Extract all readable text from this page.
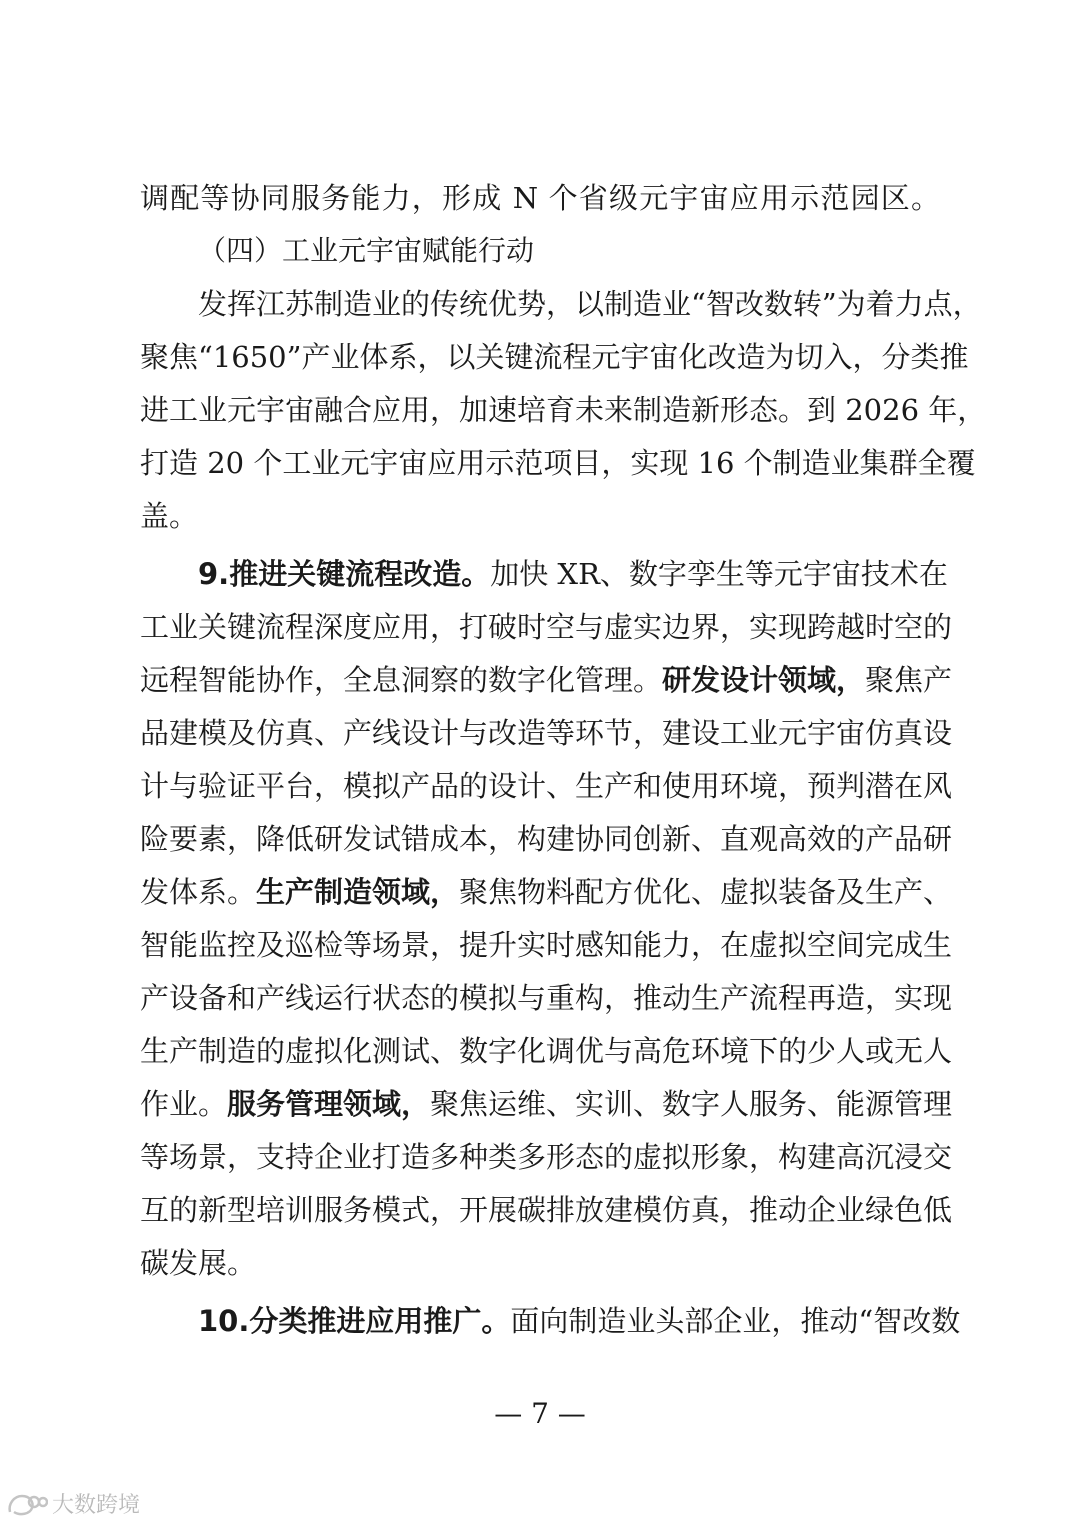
调配等协同服务能力，形成 N 个省级元宇宙应用示范园区。
（四）工业元宇宙赋能行动
发挥江苏制造业的传统优势，以制造业“智改数转”为着力点，
聚焦“1650”产业体系，以关键流程元宇宙化改造为切入，分类推
进工业元宇宙融合应用，加速培育未来制造新形态。到 2026 年，
打造 20 个工业元宇宙应用示范项目，实现 16 个制造业集群全覆
盖。
9.推进关键流程改造。加快 XR、数字孪生等元宇宙技术在
工业关键流程深度应用，打破时空与虚实边界，实现跨越时空的
远程智能协作，全息洞察的数字化管理。研发设计领域，聚焦产
品建模及仿真、产线设计与改造等环节，建设工业元宇宙仿真设
计与验证平台，模拟产品的设计、生产和使用环境，预判潜在风
险要素，降低研发试错成本，构建协同创新、直观高效的产品研
发体系。生产制造领域，聚焦物料配方优化、虚拟装备及生产、
智能监控及巡检等场景，提升实时感知能力，在虚拟空间完成生
产设备和产线运行状态的模拟与重构，推动生产流程再造，实现
生产制造的虚拟化测试、数字化调优与高危环境下的少人或无人
作业。服务管理领域，聚焦运维、实训、数字人服务、能源管理
等场景，支持企业打造多种类多形态的虚拟形象，构建高沉浸交
互的新型培训服务模式，开展碳排放建模仿真，推动企业绿色低
碳发展。
10.分类推进应用推广。面向制造业头部企业，推动“智改数
— 7 —
大数跨境
